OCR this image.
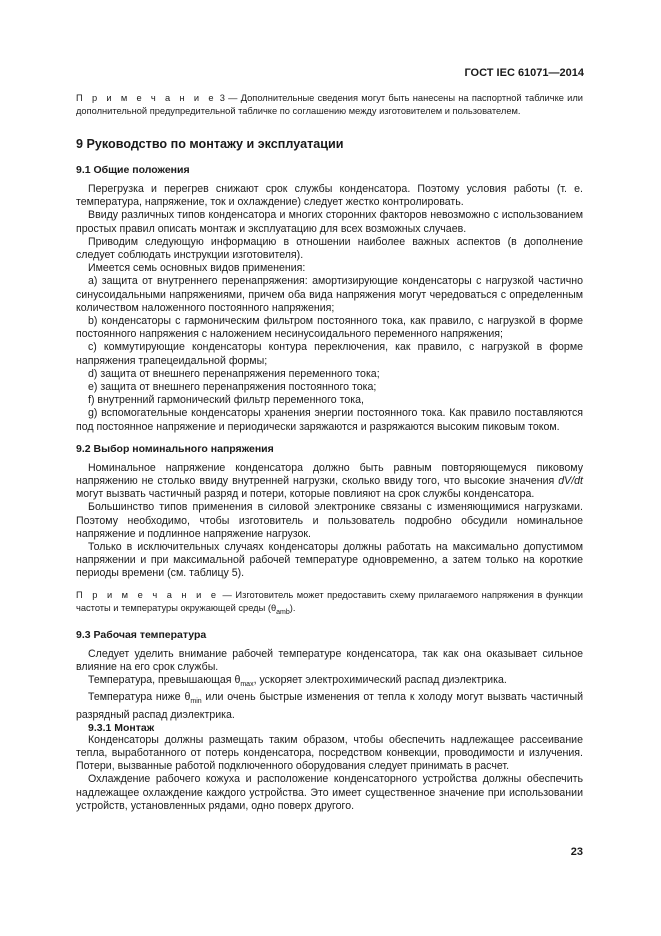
ГОСТ IEC 61071—2014

П р и м е ч а н и е 3 — Дополнительные сведения могут быть нанесены на паспортной табличке или дополнительной предупредительной табличке по соглашению между изготовителем и пользователем.

9 Руководство по монтажу и эксплуатации
9.1 Общие положения

Перегрузка и перегрев снижают срок службы конденсатора. Поэтому условия работы (т. е. температура, напряжение, ток и охлаждение) следует жестко контролировать.

Ввиду различных типов конденсатора и многих сторонних факторов невозможно с использованием простых правил описать монтаж и эксплуатацию для всех возможных случаев.

Приводим следующую информацию в отношении наиболее важных аспектов (в дополнение следует соблюдать инструкции изготовителя).

Имеется семь основных видов применения:

а) защита от внутреннего перенапряжения: амортизирующие конденсаторы с нагрузкой частично синусоидальными напряжениями, причем оба вида напряжения могут чередоваться с определенным количеством наложенного постоянного напряжения;

b) конденсаторы с гармоническим фильтром постоянного тока, как правило, с нагрузкой в форме постоянного напряжения с наложением несинусоидального переменного напряжения;

с) коммутирующие конденсаторы контура переключения, как правило, с нагрузкой в форме напряжения трапецеидальной формы;

d) защита от внешнего перенапряжения переменного тока;

е) защита от внешнего перенапряжения постоянного тока;

f) внутренний гармонический фильтр переменного тока,

g) вспомогательные конденсаторы хранения энергии постоянного тока. Как правило поставляются под постоянное напряжение и периодически заряжаются и разряжаются высоким пиковым током.

9.2 Выбор номинального напряжения

Номинальное напряжение конденсатора должно быть равным повторяющемуся пиковому напряжению не столько ввиду внутренней нагрузки, сколько ввиду того, что высокие значения dV/dt могут вызвать частичный разряд и потери, которые повлияют на срок службы конденсатора.

Большинство типов применения в силовой электронике связаны с изменяющимися нагрузками. Поэтому необходимо, чтобы изготовитель и пользователь подробно обсудили номинальное напряжение и подлинное напряжение нагрузок.

Только в исключительных случаях конденсаторы должны работать на максимально допустимом напряжении и при максимальной рабочей температуре одновременно, а затем только на короткие периоды времени (см. таблицу 5).

П р и м е ч а н и е — Изготовитель может предоставить схему прилагаемого напряжения в функции частоты и температуры окружающей среды $(\theta_{amb})$.

9.3 Рабочая температура

Следует уделить внимание рабочей температуре конденсатора, так как она оказывает сильное влияние на его срок службы.

Температура, превышающая $\theta_{max}$, ускоряет электрохимический распад диэлектрика.

Температура ниже $\theta_{min}$ или очень быстрые изменения от тепла к холоду могут вызвать частичный разрядный распад диэлектрика.

9.3.1 Монтаж

Конденсаторы должны размещать таким образом, чтобы обеспечить надлежащее рассеивание тепла, выработанного от потерь конденсатора, посредством конвекции, проводимости и излучения. Потери, вызванные работой подключенного оборудования следует принимать в расчет.

Охлаждение рабочего кожуха и расположение конденсаторного устройства должны обеспечить надлежащее охлаждение каждого устройства. Это имеет существенное значение при использовании устройств, установленных рядами, одно поверх другого.

23
